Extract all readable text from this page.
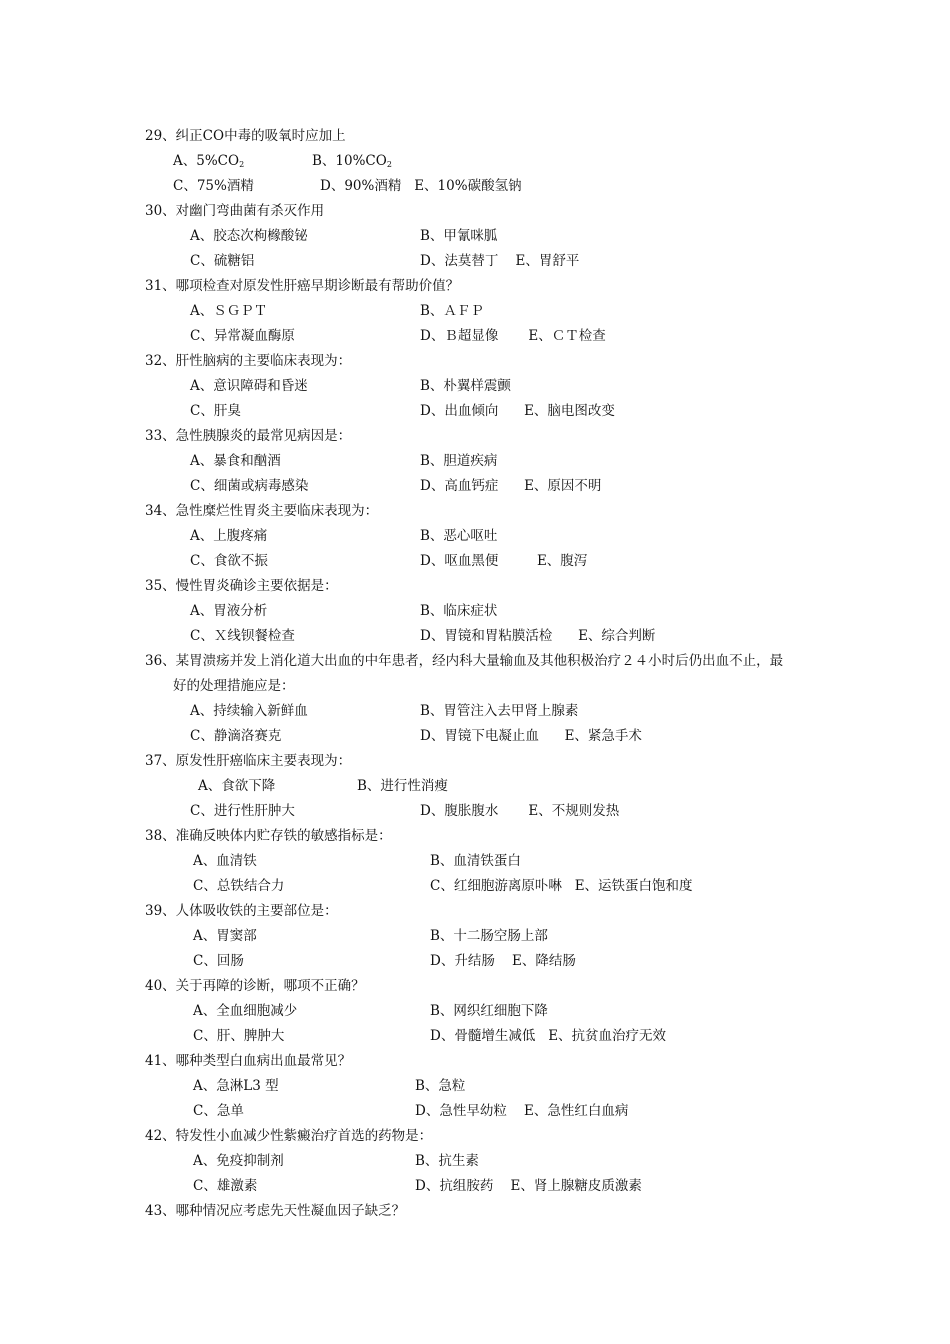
29、纠正CO中毒的吸氧时应加上
A、$5\%CO_2$	B、$10\%CO_2$
C、75%酒精	D、90%酒精   E、10%碳酸氢钠
30、对幽门弯曲菌有杀灭作用
A、胶态次枸橼酸铋	B、甲氰咪胍
C、硫糖铝	D、法莫替丁    E、胃舒平
31、哪项检查对原发性肝癌早期诊断最有帮助价值？
A、ＳＧＰＴ	B、ＡＦＰ
C、异常凝血酶原	D、Ｂ超显像       E、ＣＴ检查
32、肝性脑病的主要临床表现为：
A、意识障碍和昏迷	B、朴翼样震颤
C、肝臭	D、出血倾向      E、脑电图改变
33、急性胰腺炎的最常见病因是：
A、暴食和酗酒	B、胆道疾病
C、细菌或病毒感染	D、高血钙症      E、原因不明
34、急性糜烂性胃炎主要临床表现为：
A、上腹疼痛	B、恶心呕吐
C、食欲不振	D、呕血黑便         E、腹泻
35、慢性胃炎确诊主要依据是：
A、胃液分析	B、临床症状
C、Ｘ线钡餐检查	D、胃镜和胃粘膜活检      E、综合判断
36、某胃溃疡并发上消化道大出血的中年患者，经内科大量输血及其他积极治疗２４小时后仍出血不止，最
好的处理措施应是：
A、持续输入新鲜血	B、胃管注入去甲肾上腺素
C、静滴洛赛克	D、胃镜下电凝止血      E、紧急手术
37、原发性肝癌临床主要表现为：
A、食欲下降	B、进行性消瘦
C、进行性肝肿大	D、腹胀腹水       E、不规则发热
38、准确反映体内贮存铁的敏感指标是：
A、血清铁	B、血清铁蛋白
C、总铁结合力	C、红细胞游离原卟啉   E、运铁蛋白饱和度
39、人体吸收铁的主要部位是：
A、胃窦部	B、十二肠空肠上部
C、回肠	D、升结肠    E、降结肠
40、关于再障的诊断，哪项不正确？
A、全血细胞减少	B、网织红细胞下降
C、肝、脾肿大	D、骨髓增生减低   E、抗贫血治疗无效
41、哪种类型白血病出血最常见？
A、急淋L3 型	B、急粒
C、急单	D、急性早幼粒    E、急性红白血病
42、特发性小血减少性紫癜治疗首选的药物是：
A、免疫抑制剂	B、抗生素
C、雄激素	D、抗组胺药    E、肾上腺糖皮质激素
43、哪种情况应考虑先天性凝血因子缺乏？
